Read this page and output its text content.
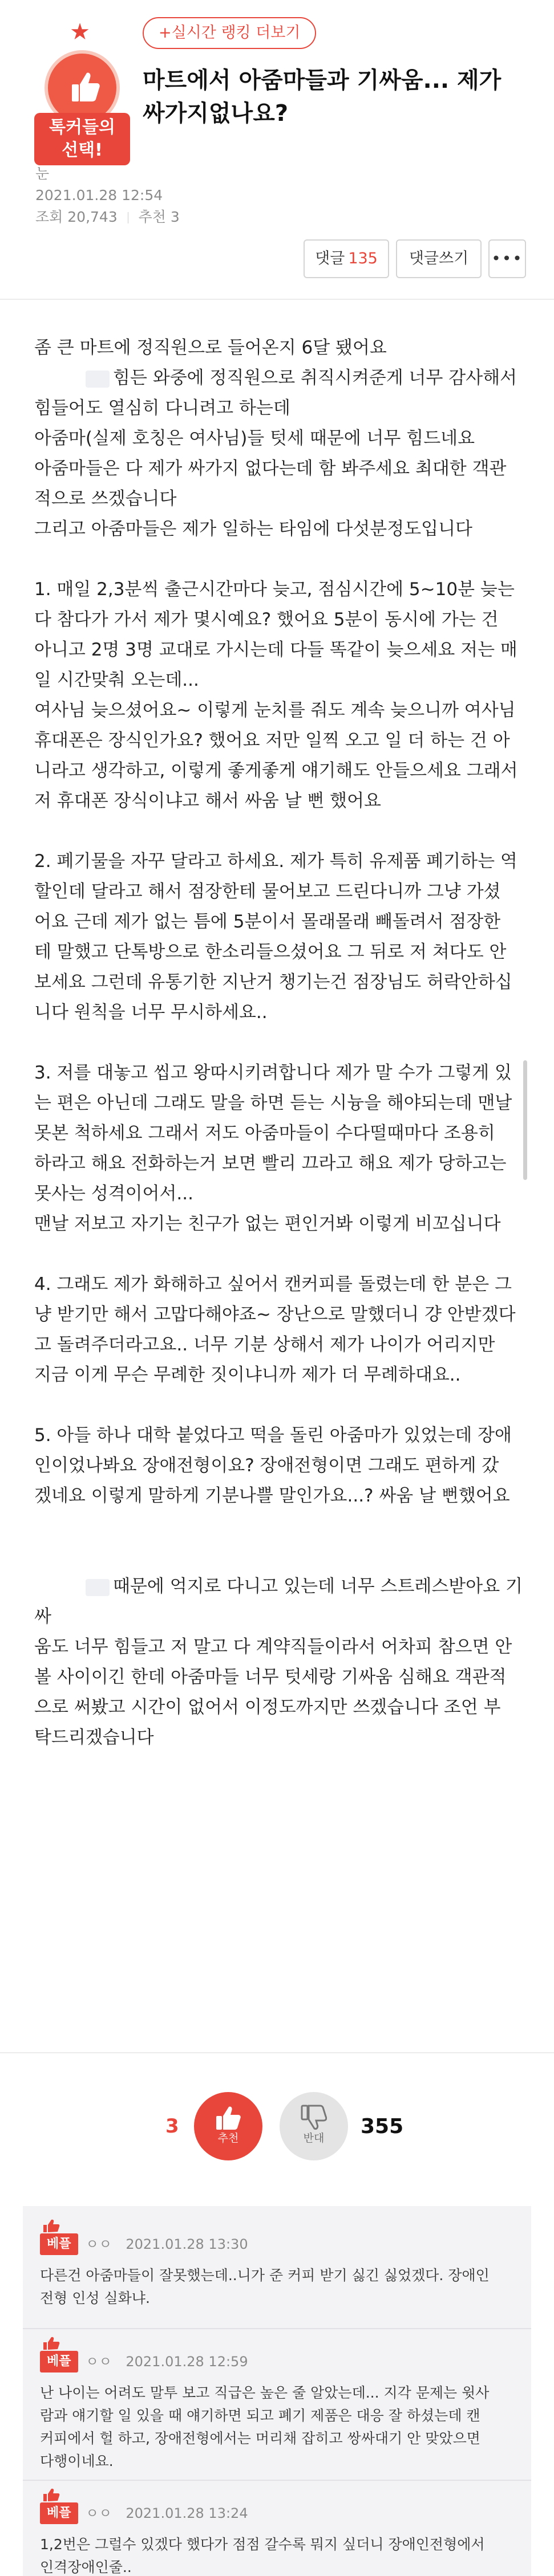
★
톡커들의
선택!
+실시간 랭킹 더보기
마트에서 아줌마들과 기싸움... 제가 싸가지없나요?
눈
2021.01.28 12:54
조회 20,743 추천 3
댓글 135	댓글쓰기	•••

좀 큰 마트에 정직원으로 들어온지 6달 됐어요

힘든 와중에 정직원으로 취직시켜준게 너무 감사해서

힘들어도 열심히 다니려고 하는데

아줌마(실제 호칭은 여사님)들 텃세 때문에 너무 힘드네요

아줌마들은 다 제가 싸가지 없다는데 함 봐주세요 최대한 객관

적으로 쓰겠습니다

그리고 아줌마들은 제가 일하는 타임에 다섯분정도입니다

1. 매일 2,3분씩 출근시간마다 늦고, 점심시간에 5~10분 늦는

다 참다가 가서 제가 몇시예요? 했어요 5분이 동시에 가는 건

아니고 2명 3명 교대로 가시는데 다들 똑같이 늦으세요 저는 매

일 시간맞춰 오는데...

여사님 늦으셨어요~ 이렇게 눈치를 줘도 계속 늦으니까 여사님

휴대폰은 장식인가요? 했어요 저만 일찍 오고 일 더 하는 건 아

니라고 생각하고, 이렇게 좋게좋게 얘기해도 안들으세요 그래서

저 휴대폰 장식이냐고 해서 싸움 날 뻔 했어요

2. 폐기물을 자꾸 달라고 하세요. 제가 특히 유제품 폐기하는 역

할인데 달라고 해서 점장한테 물어보고 드린다니까 그냥 가셨

어요 근데 제가 없는 틈에 5분이서 몰래몰래 빼돌려서 점장한

테 말했고 단톡방으로 한소리들으셨어요 그 뒤로 저 쳐다도 안

보세요 그런데 유통기한 지난거 챙기는건 점장님도 허락안하십

니다 원칙을 너무 무시하세요..

3. 저를 대놓고 씹고 왕따시키려합니다 제가 말 수가 그렇게 있

는 편은 아닌데 그래도 말을 하면 듣는 시늉을 해야되는데 맨날

못본 척하세요 그래서 저도 아줌마들이 수다떨때마다 조용히

하라고 해요 전화하는거 보면 빨리 끄라고 해요 제가 당하고는

못사는 성격이어서...

맨날 저보고 자기는 친구가 없는 편인거봐 이렇게 비꼬십니다

4. 그래도 제가 화해하고 싶어서 캔커피를 돌렸는데 한 분은 그

냥 받기만 해서 고맙다해야죠~ 장난으로 말했더니 걍 안받겠다

고 돌려주더라고요.. 너무 기분 상해서 제가 나이가 어리지만

지금 이게 무슨 무례한 짓이냐니까 제가 더 무례하대요..

5. 아들 하나 대학 붙었다고 떡을 돌린 아줌마가 있었는데 장애

인이었나봐요 장애전형이요? 장애전형이면 그래도 편하게 갔

겠네요 이렇게 말하게 기분나쁠 말인가요...? 싸움 날 뻔했어요

때문에 억지로 다니고 있는데 너무 스트레스받아요 기싸

움도 너무 힘들고 저 말고 다 계약직들이라서 어차피 참으면 안

볼 사이이긴 한데 아줌마들 너무 텃세랑 기싸움 심해요 객관적

으로 써봤고 시간이 없어서 이정도까지만 쓰겠습니다 조언 부

탁드리겠습니다

3
추천	반대	355
베플	ㅇㅇ 2021.01.28 13:30
다른건 아줌마들이 잘못했는데..니가 준 커피 받기 싫긴 싫었겠다. 장애인
전형 인성 실화냐.
베플	ㅇㅇ 2021.01.28 12:59
난 나이는 어려도 말투 보고 직급은 높은 줄 알았는데... 지각 문제는 윗사
람과 얘기할 일 있을 때 얘기하면 되고 폐기 제품은 대응 잘 하셨는데 캔
커피에서 헐 하고, 장애전형에서는 머리채 잡히고 쌍싸대기 안 맞았으면
다행이네요.
베플	ㅇㅇ 2021.01.28 13:24
1,2번은 그럴수 있겠다 했다가 점점 갈수록 뭐지 싶더니 장애인전형에서
인격장애인줄..
